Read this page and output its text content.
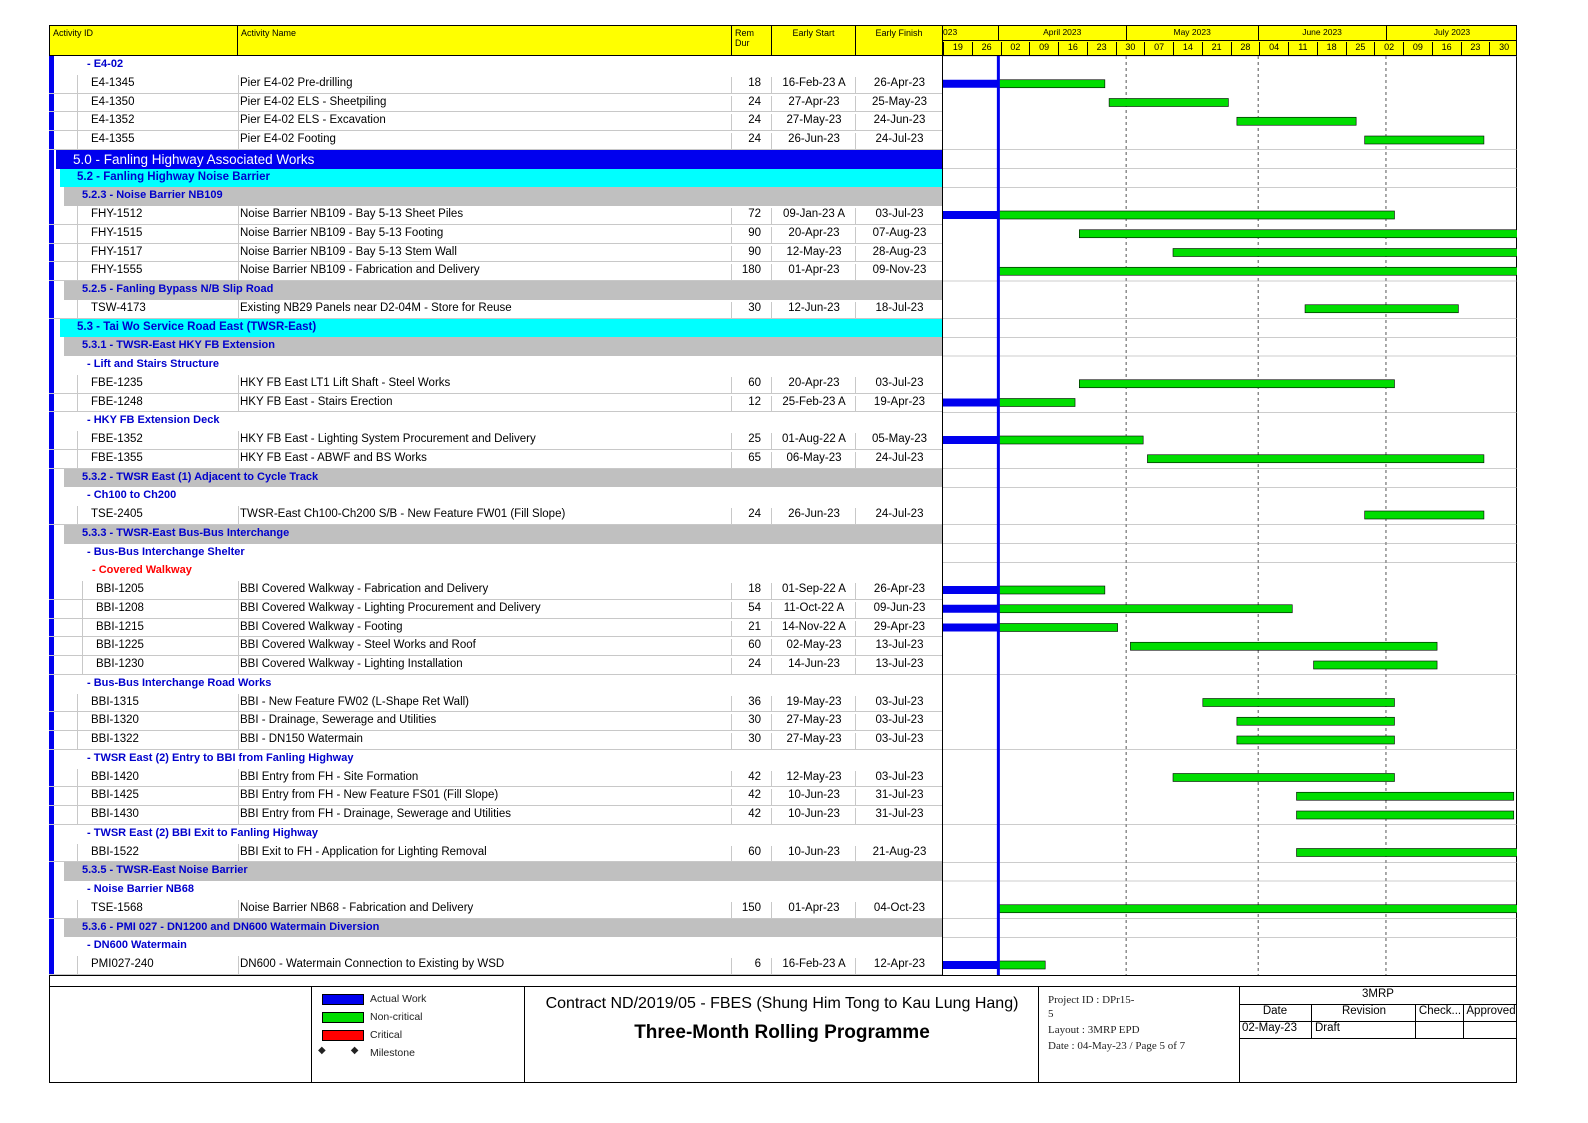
Activity ID	Activity Name	Rem Dur
Early Start	Early Finish	023	April 2023	May 2023	June 2023	July 2023
19	26	02	09	16	23	30	07	14	21	28	04	11	18	25	02	09	16	23	30
- E4-02
E4-1345	Pier E4-02 Pre-drilling	18	16-Feb-23 A	26-Apr-23
E4-1350	Pier E4-02 ELS - Sheetpiling	24	27-Apr-23	25-May-23
E4-1352	Pier E4-02 ELS - Excavation	24	27-May-23	24-Jun-23
E4-1355	Pier E4-02 Footing	24	26-Jun-23	24-Jul-23
5.0 - Fanling Highway Associated Works
5.2 - Fanling Highway Noise Barrier
5.2.3 - Noise Barrier NB109
FHY-1512	Noise Barrier NB109 - Bay 5-13 Sheet Piles	72	09-Jan-23 A	03-Jul-23
FHY-1515	Noise Barrier NB109 - Bay 5-13 Footing	90	20-Apr-23	07-Aug-23
FHY-1517	Noise Barrier NB109 - Bay 5-13 Stem Wall	90	12-May-23	28-Aug-23
FHY-1555	Noise Barrier NB109 - Fabrication and Delivery	180	01-Apr-23	09-Nov-23
5.2.5 - Fanling Bypass N/B Slip Road
TSW-4173	Existing NB29 Panels near D2-04M - Store for Reuse	30	12-Jun-23	18-Jul-23
5.3 - Tai Wo Service Road East (TWSR-East)
5.3.1 - TWSR-East HKY FB Extension
- Lift and Stairs Structure
FBE-1235	HKY FB East LT1 Lift Shaft - Steel Works	60	20-Apr-23	03-Jul-23
FBE-1248	HKY FB East - Stairs Erection	12	25-Feb-23 A	19-Apr-23
- HKY FB Extension Deck
FBE-1352	HKY FB East - Lighting System Procurement and Delivery	25	01-Aug-22 A	05-May-23
FBE-1355	HKY FB East - ABWF and BS Works	65	06-May-23	24-Jul-23
5.3.2 - TWSR East (1) Adjacent to Cycle Track
- Ch100 to Ch200
TSE-2405	TWSR-East Ch100-Ch200 S/B - New Feature FW01 (Fill Slope)	24	26-Jun-23	24-Jul-23
5.3.3 - TWSR-East Bus-Bus Interchange
- Bus-Bus Interchange Shelter
- Covered Walkway
BBI-1205	BBI Covered Walkway - Fabrication and Delivery	18	01-Sep-22 A	26-Apr-23
BBI-1208	BBI Covered Walkway - Lighting Procurement and Delivery	54	11-Oct-22 A	09-Jun-23
BBI-1215	BBI Covered Walkway - Footing	21	14-Nov-22 A	29-Apr-23
BBI-1225	BBI Covered Walkway - Steel Works and Roof	60	02-May-23	13-Jul-23
BBI-1230	BBI Covered Walkway - Lighting Installation	24	14-Jun-23	13-Jul-23
- Bus-Bus Interchange Road Works
BBI-1315	BBI - New Feature FW02 (L-Shape Ret Wall)	36	19-May-23	03-Jul-23
BBI-1320	BBI - Drainage, Sewerage and Utilities	30	27-May-23	03-Jul-23
BBI-1322	BBI - DN150 Watermain	30	27-May-23	03-Jul-23
- TWSR East (2) Entry to BBI from Fanling Highway
BBI-1420	BBI Entry from FH - Site Formation	42	12-May-23	03-Jul-23
BBI-1425	BBI Entry from FH - New Feature FS01 (Fill Slope)	42	10-Jun-23	31-Jul-23
BBI-1430	BBI Entry from FH - Drainage, Sewerage and Utilities	42	10-Jun-23	31-Jul-23
- TWSR East (2) BBI Exit to Fanling Highway
BBI-1522	BBI Exit to FH - Application for Lighting Removal	60	10-Jun-23	21-Aug-23
5.3.5 - TWSR-East Noise Barrier
- Noise Barrier NB68
TSE-1568	Noise Barrier NB68 - Fabrication and Delivery	150	01-Apr-23	04-Oct-23
5.3.6 - PMI 027 - DN1200 and DN600 Watermain Diversion
- DN600 Watermain
PMI027-240	DN600 - Watermain Connection to Existing by WSD	6	16-Feb-23 A	12-Apr-23
Actual Work
Non-critical
Critical
◆         ◆ Milestone
Contract ND/2019/05 - FBES (Shung Him Tong to Kau Lung Hang)
Three-Month Rolling Programme
Project ID : DPr15-
5
Layout : 3MRP EPD
Date : 04-May-23 / Page 5 of 7
3MRP
Date	Revision	Check... Approved
02-May-23	Draft
